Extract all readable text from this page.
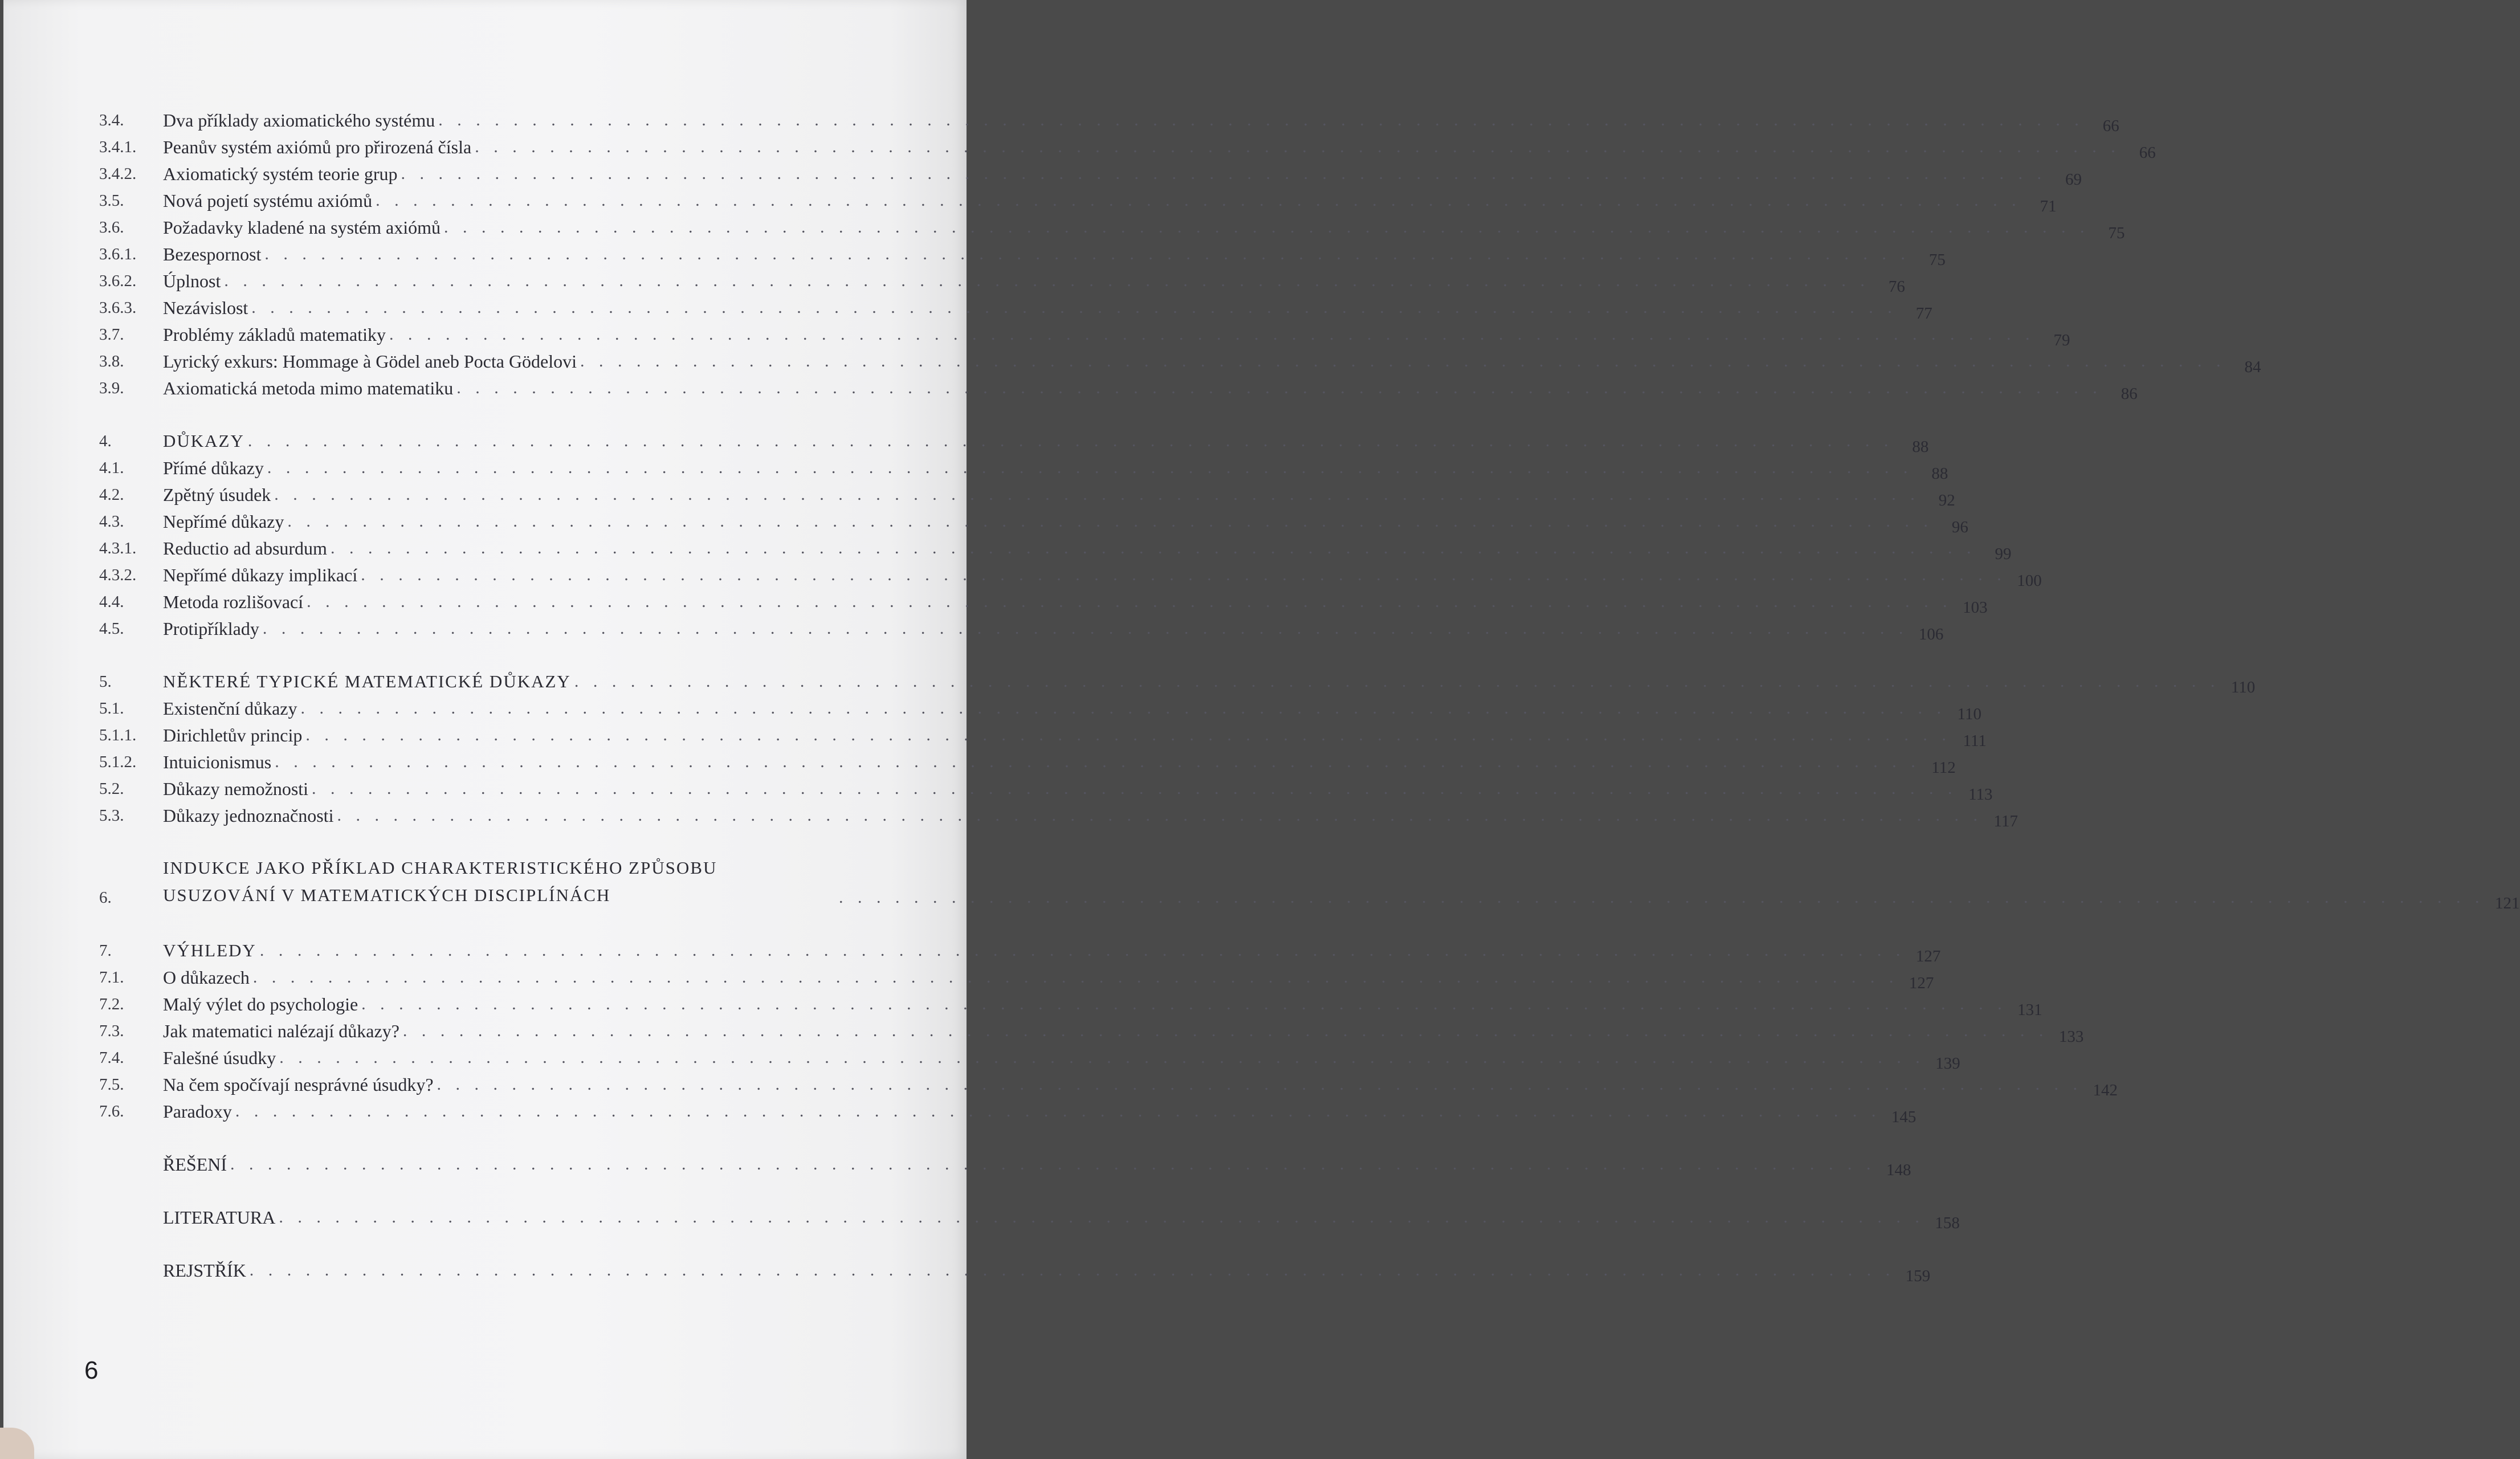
3.4.	Dva příklady axiomatického systému . . . . . . . . . . . . . . . . . . . . . . . . . . . . . . . . . . . . . . . . . . . . . . . . . . . . . . . . . . . . . . . . . . . . . . . . . . . . . . . . . . . . . . . .	66
3.4.1.	Peanův systém axiómů pro přirozená čísla . . . . . . . . . . . . . . . . . . . . . . . . . . . . . . . . . . . . . . . . . . . . . . . . . . . . . . . . . . . . . . . . . . . . . . . . . . . . . . . . . . . . . . . .	66
3.4.2.	Axiomatický systém teorie grup . . . . . . . . . . . . . . . . . . . . . . . . . . . . . . . . . . . . . . . . . . . . . . . . . . . . . . . . . . . . . . . . . . . . . . . . . . . . . . . . . . . . . . . .	69
3.5.	Nová pojetí systému axiómů . . . . . . . . . . . . . . . . . . . . . . . . . . . . . . . . . . . . . . . . . . . . . . . . . . . . . . . . . . . . . . . . . . . . . . . . . . . . . . . . . . . . . . . .	71
3.6.	Požadavky kladené na systém axiómů . . . . . . . . . . . . . . . . . . . . . . . . . . . . . . . . . . . . . . . . . . . . . . . . . . . . . . . . . . . . . . . . . . . . . . . . . . . . . . . . . . . . . . . .	75
3.6.1.	Bezespornost . . . . . . . . . . . . . . . . . . . . . . . . . . . . . . . . . . . . . . . . . . . . . . . . . . . . . . . . . . . . . . . . . . . . . . . . . . . . . . . . . . . . . . . .	75
3.6.2.	Úplnost . . . . . . . . . . . . . . . . . . . . . . . . . . . . . . . . . . . . . . . . . . . . . . . . . . . . . . . . . . . . . . . . . . . . . . . . . . . . . . . . . . . . . . . .	76
3.6.3.	Nezávislost . . . . . . . . . . . . . . . . . . . . . . . . . . . . . . . . . . . . . . . . . . . . . . . . . . . . . . . . . . . . . . . . . . . . . . . . . . . . . . . . . . . . . . . .	77
3.7.	Problémy základů matematiky . . . . . . . . . . . . . . . . . . . . . . . . . . . . . . . . . . . . . . . . . . . . . . . . . . . . . . . . . . . . . . . . . . . . . . . . . . . . . . . . . . . . . . . .	79
3.8.	Lyrický exkurs: Hommage à Gödel aneb Pocta Gödelovi . . . . . . . . . . . . . . . . . . . . . . . . . . . . . . . . . . . . . . . . . . . . . . . . . . . . . . . . . . . . . . . . . . . . . . . . . . . . . . . . . . . . . . . .	84
3.9.	Axiomatická metoda mimo matematiku . . . . . . . . . . . . . . . . . . . . . . . . . . . . . . . . . . . . . . . . . . . . . . . . . . . . . . . . . . . . . . . . . . . . . . . . . . . . . . . . . . . . . . . .	86
4.	DŮKAZY . . . . . . . . . . . . . . . . . . . . . . . . . . . . . . . . . . . . . . . . . . . . . . . . . . . . . . . . . . . . . . . . . . . . . . . . . . . . . . . . . . . . . . . .	88
4.1.	Přímé důkazy . . . . . . . . . . . . . . . . . . . . . . . . . . . . . . . . . . . . . . . . . . . . . . . . . . . . . . . . . . . . . . . . . . . . . . . . . . . . . . . . . . . . . . . .	88
4.2.	Zpětný úsudek . . . . . . . . . . . . . . . . . . . . . . . . . . . . . . . . . . . . . . . . . . . . . . . . . . . . . . . . . . . . . . . . . . . . . . . . . . . . . . . . . . . . . . . .	92
4.3.	Nepřímé důkazy . . . . . . . . . . . . . . . . . . . . . . . . . . . . . . . . . . . . . . . . . . . . . . . . . . . . . . . . . . . . . . . . . . . . . . . . . . . . . . . . . . . . . . . .	96
4.3.1.	Reductio ad absurdum . . . . . . . . . . . . . . . . . . . . . . . . . . . . . . . . . . . . . . . . . . . . . . . . . . . . . . . . . . . . . . . . . . . . . . . . . . . . . . . . . . . . . . . .	99
4.3.2.	Nepřímé důkazy implikací . . . . . . . . . . . . . . . . . . . . . . . . . . . . . . . . . . . . . . . . . . . . . . . . . . . . . . . . . . . . . . . . . . . . . . . . . . . . . . . . . . . . . . . . 100
4.4.	Metoda rozlišovací . . . . . . . . . . . . . . . . . . . . . . . . . . . . . . . . . . . . . . . . . . . . . . . . . . . . . . . . . . . . . . . . . . . . . . . . . . . . . . . . . . . . . . . . 103
4.5.	Protipříklady . . . . . . . . . . . . . . . . . . . . . . . . . . . . . . . . . . . . . . . . . . . . . . . . . . . . . . . . . . . . . . . . . . . . . . . . . . . . . . . . . . . . . . . . 106
5.	NĚKTERÉ TYPICKÉ MATEMATICKÉ DŮKAZY . . . . . . . . . . . . . . . . . . . . . . . . . . . . . . . . . . . . . . . . . . . . . . . . . . . . . . . . . . . . . . . . . . . . . . . . . . . . . . . . . . . . . . . . 110
5.1.	Existenční důkazy . . . . . . . . . . . . . . . . . . . . . . . . . . . . . . . . . . . . . . . . . . . . . . . . . . . . . . . . . . . . . . . . . . . . . . . . . . . . . . . . . . . . . . . . 110
5.1.1.	Dirichletův princip . . . . . . . . . . . . . . . . . . . . . . . . . . . . . . . . . . . . . . . . . . . . . . . . . . . . . . . . . . . . . . . . . . . . . . . . . . . . . . . . . . . . . . . . 111
5.1.2.	Intuicionismus . . . . . . . . . . . . . . . . . . . . . . . . . . . . . . . . . . . . . . . . . . . . . . . . . . . . . . . . . . . . . . . . . . . . . . . . . . . . . . . . . . . . . . . . 112
5.2.	Důkazy nemožnosti . . . . . . . . . . . . . . . . . . . . . . . . . . . . . . . . . . . . . . . . . . . . . . . . . . . . . . . . . . . . . . . . . . . . . . . . . . . . . . . . . . . . . . . . 113
5.3.	Důkazy jednoznačnosti . . . . . . . . . . . . . . . . . . . . . . . . . . . . . . . . . . . . . . . . . . . . . . . . . . . . . . . . . . . . . . . . . . . . . . . . . . . . . . . . . . . . . . . . 117
6.
INDUKCE JAKO PŘÍKLAD CHARAKTERISTICKÉHO ZPŮSOBU USUZOVÁNÍ V MATEMATICKÝCH DISCIPLÍNÁCH	. . . . . . . . . . . . . . . . . . . . . . . . . . . . . . . . . . . . . . . . . . . . . . . . . . . . . . . . . . . . . . . . . . . . . . . . . . . . . . . . . . . . . . . . 121
7.	VÝHLEDY . . . . . . . . . . . . . . . . . . . . . . . . . . . . . . . . . . . . . . . . . . . . . . . . . . . . . . . . . . . . . . . . . . . . . . . . . . . . . . . . . . . . . . . . 127
7.1.	O důkazech . . . . . . . . . . . . . . . . . . . . . . . . . . . . . . . . . . . . . . . . . . . . . . . . . . . . . . . . . . . . . . . . . . . . . . . . . . . . . . . . . . . . . . . . 127
7.2.	Malý výlet do psychologie . . . . . . . . . . . . . . . . . . . . . . . . . . . . . . . . . . . . . . . . . . . . . . . . . . . . . . . . . . . . . . . . . . . . . . . . . . . . . . . . . . . . . . . . 131
7.3.	Jak matematici nalézají důkazy? . . . . . . . . . . . . . . . . . . . . . . . . . . . . . . . . . . . . . . . . . . . . . . . . . . . . . . . . . . . . . . . . . . . . . . . . . . . . . . . . . . . . . . . . 133
7.4.	Falešné úsudky . . . . . . . . . . . . . . . . . . . . . . . . . . . . . . . . . . . . . . . . . . . . . . . . . . . . . . . . . . . . . . . . . . . . . . . . . . . . . . . . . . . . . . . . 139
7.5.	Na čem spočívají nesprávné úsudky? . . . . . . . . . . . . . . . . . . . . . . . . . . . . . . . . . . . . . . . . . . . . . . . . . . . . . . . . . . . . . . . . . . . . . . . . . . . . . . . . . . . . . . . . 142
7.6.	Paradoxy . . . . . . . . . . . . . . . . . . . . . . . . . . . . . . . . . . . . . . . . . . . . . . . . . . . . . . . . . . . . . . . . . . . . . . . . . . . . . . . . . . . . . . . . 145
ŘEŠENÍ . . . . . . . . . . . . . . . . . . . . . . . . . . . . . . . . . . . . . . . . . . . . . . . . . . . . . . . . . . . . . . . . . . . . . . . . . . . . . . . . . . . . . . . . 148
LITERATURA . . . . . . . . . . . . . . . . . . . . . . . . . . . . . . . . . . . . . . . . . . . . . . . . . . . . . . . . . . . . . . . . . . . . . . . . . . . . . . . . . . . . . . . . 158
REJSTŘÍK . . . . . . . . . . . . . . . . . . . . . . . . . . . . . . . . . . . . . . . . . . . . . . . . . . . . . . . . . . . . . . . . . . . . . . . . . . . . . . . . . . . . . . . . 159
6
